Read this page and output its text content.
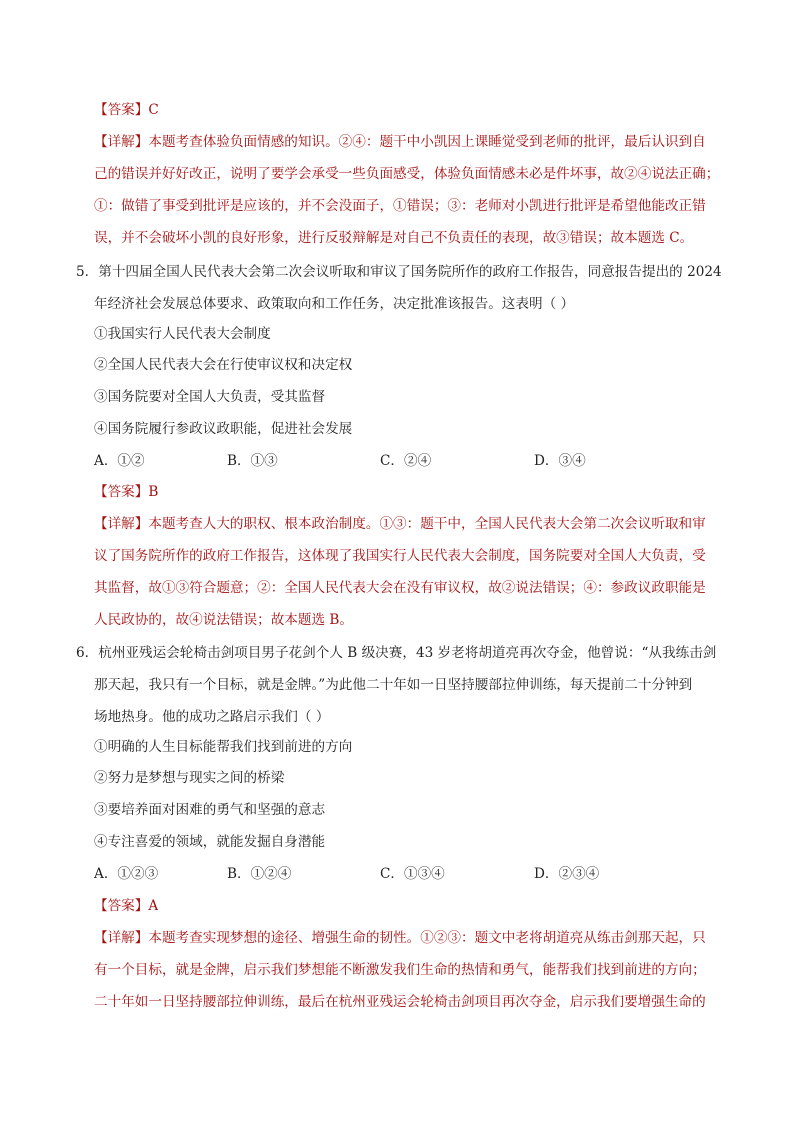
【答案】C
【详解】本题考查体验负面情感的知识。②④：题干中小凯因上课睡觉受到老师的批评，最后认识到自
己的错误并好好改正，说明了要学会承受一些负面感受，体验负面情感未必是件坏事，故②④说法正确；
①：做错了事受到批评是应该的，并不会没面子，①错误；③：老师对小凯进行批评是希望他能改正错
误，并不会破坏小凯的良好形象，进行反驳辩解是对自己不负责任的表现，故③错误；故本题选 C。
5．第十四届全国人民代表大会第二次会议听取和审议了国务院所作的政府工作报告，同意报告提出的 2024
年经济社会发展总体要求、政策取向和工作任务，决定批准该报告。这表明（ ）
①我国实行人民代表大会制度
②全国人民代表大会在行使审议权和决定权
③国务院要对全国人大负责，受其监督
④国务院履行参政议政职能，促进社会发展
A．①②	B．①③	C．②④	D．③④
【答案】B
【详解】本题考查人大的职权、根本政治制度。①③：题干中，全国人民代表大会第二次会议听取和审
议了国务院所作的政府工作报告，这体现了我国实行人民代表大会制度，国务院要对全国人大负责，受
其监督，故①③符合题意；②：全国人民代表大会在没有审议权，故②说法错误；④：参政议政职能是
人民政协的，故④说法错误；故本题选 B。
6．杭州亚残运会轮椅击剑项目男子花剑个人 B 级决赛，43 岁老将胡道亮再次夺金，他曾说：“从我练击剑
那天起，我只有一个目标，就是金牌。”为此他二十年如一日坚持腰部拉伸训练，每天提前二十分钟到
场地热身。他的成功之路启示我们（ ）
①明确的人生目标能帮我们找到前进的方向
②努力是梦想与现实之间的桥梁
③要培养面对困难的勇气和坚强的意志
④专注喜爱的领域，就能发掘自身潜能
A．①②③	B．①②④	C．①③④	D．②③④
【答案】A
【详解】本题考查实现梦想的途径、增强生命的韧性。①②③：题文中老将胡道亮从练击剑那天起，只
有一个目标，就是金牌，启示我们梦想能不断激发我们生命的热情和勇气，能帮我们找到前进的方向；
二十年如一日坚持腰部拉伸训练，最后在杭州亚残运会轮椅击剑项目再次夺金，启示我们要增强生命的
